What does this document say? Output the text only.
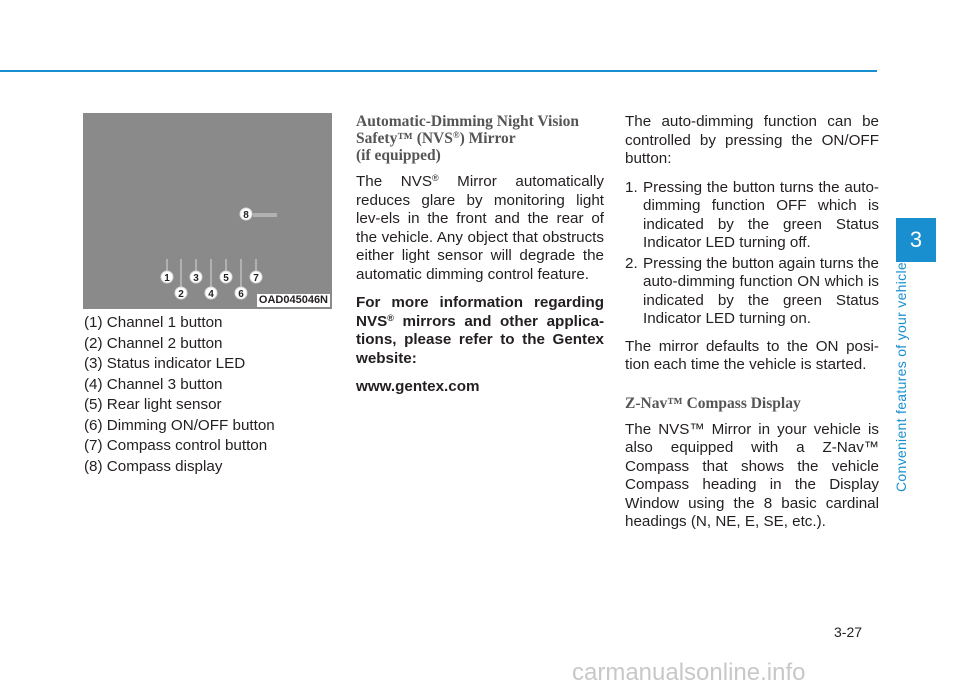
1
2
3
4
5
6
7
8
OAD045046N
(1) Channel 1 button
(2) Channel 2 button
(3) Status indicator LED
(4) Channel 3 button
(5) Rear light sensor
(6) Dimming ON/OFF button
(7) Compass control button
(8) Compass display
Automatic-Dimming Night Vision Safety™ (NVS®) Mirror
(if equipped)
The NVS® Mirror automatically reduces glare by monitoring light lev-els in the front and the rear of the vehicle. Any object that obstructs either light sensor will degrade the automatic dimming control feature.
For more information regarding NVS® mirrors and other applica-tions, please refer to the Gentex website:
www.gentex.com
The auto-dimming function can be controlled by pressing the ON/OFF button:
1. Pressing the button turns the auto-dimming function OFF which is indicated by the green Status Indicator LED turning off.
2. Pressing the button again turns the auto-dimming function ON which is indicated by the green Status Indicator LED turning on.
The mirror defaults to the ON posi-tion each time the vehicle is started.
Z-Nav™ Compass Display
The NVS™ Mirror in your vehicle is also equipped with a Z-Nav™ Compass that shows the vehicle Compass heading in the Display Window using the 8 basic cardinal headings (N, NE, E, SE, etc.).
3
Convenient features of your vehicle
3-27
carmanualsonline.info
